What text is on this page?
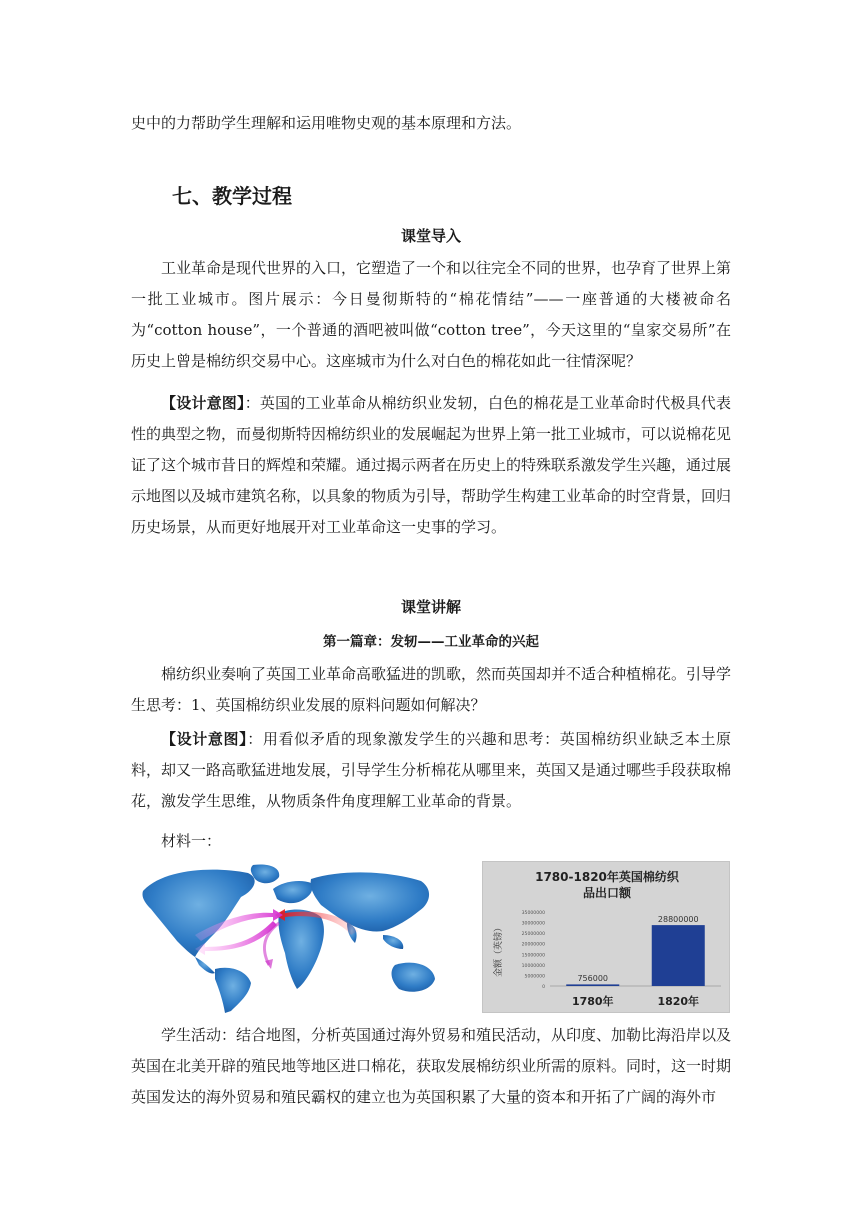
史中的力帮助学生理解和运用唯物史观的基本原理和方法。

七、教学过程
课堂导入

工业革命是现代世界的入口，它塑造了一个和以往完全不同的世界，也孕育了世界上第一批工业城市。图片展示：今日曼彻斯特的“棉花情结”——一座普通的大楼被命名为“cotton house”，一个普通的酒吧被叫做“cotton tree”，今天这里的“皇家交易所”在历史上曾是棉纺织交易中心。这座城市为什么对白色的棉花如此一往情深呢？

【设计意图】：英国的工业革命从棉纺织业发轫，白色的棉花是工业革命时代极具代表性的典型之物，而曼彻斯特因棉纺织业的发展崛起为世界上第一批工业城市，可以说棉花见证了这个城市昔日的辉煌和荣耀。通过揭示两者在历史上的特殊联系激发学生兴趣，通过展示地图以及城市建筑名称，以具象的物质为引导，帮助学生构建工业革命的时空背景，回归历史场景，从而更好地展开对工业革命这一史事的学习。

课堂讲解
第一篇章：发轫——工业革命的兴起

棉纺织业奏响了英国工业革命高歌猛进的凯歌，然而英国却并不适合种植棉花。引导学生思考：1、英国棉纺织业发展的原料问题如何解决？

【设计意图】：用看似矛盾的现象激发学生的兴趣和思考：英国棉纺织业缺乏本土原料，却又一路高歌猛进地发展，引导学生分析棉花从哪里来，英国又是通过哪些手段获取棉花，激发学生思维，从物质条件角度理解工业革命的背景。

材料一：

1780-1820年英国棉纺织
品出口额
金额（英镑）
0
5000000
10000000
15000000
20000000
25000000
30000000
35000000
756000
1780年
28800000
1820年

学生活动：结合地图，分析英国通过海外贸易和殖民活动，从印度、加勒比海沿岸以及英国在北美开辟的殖民地等地区进口棉花，获取发展棉纺织业所需的原料。同时，这一时期英国发达的海外贸易和殖民霸权的建立也为英国积累了大量的资本和开拓了广阔的海外市
